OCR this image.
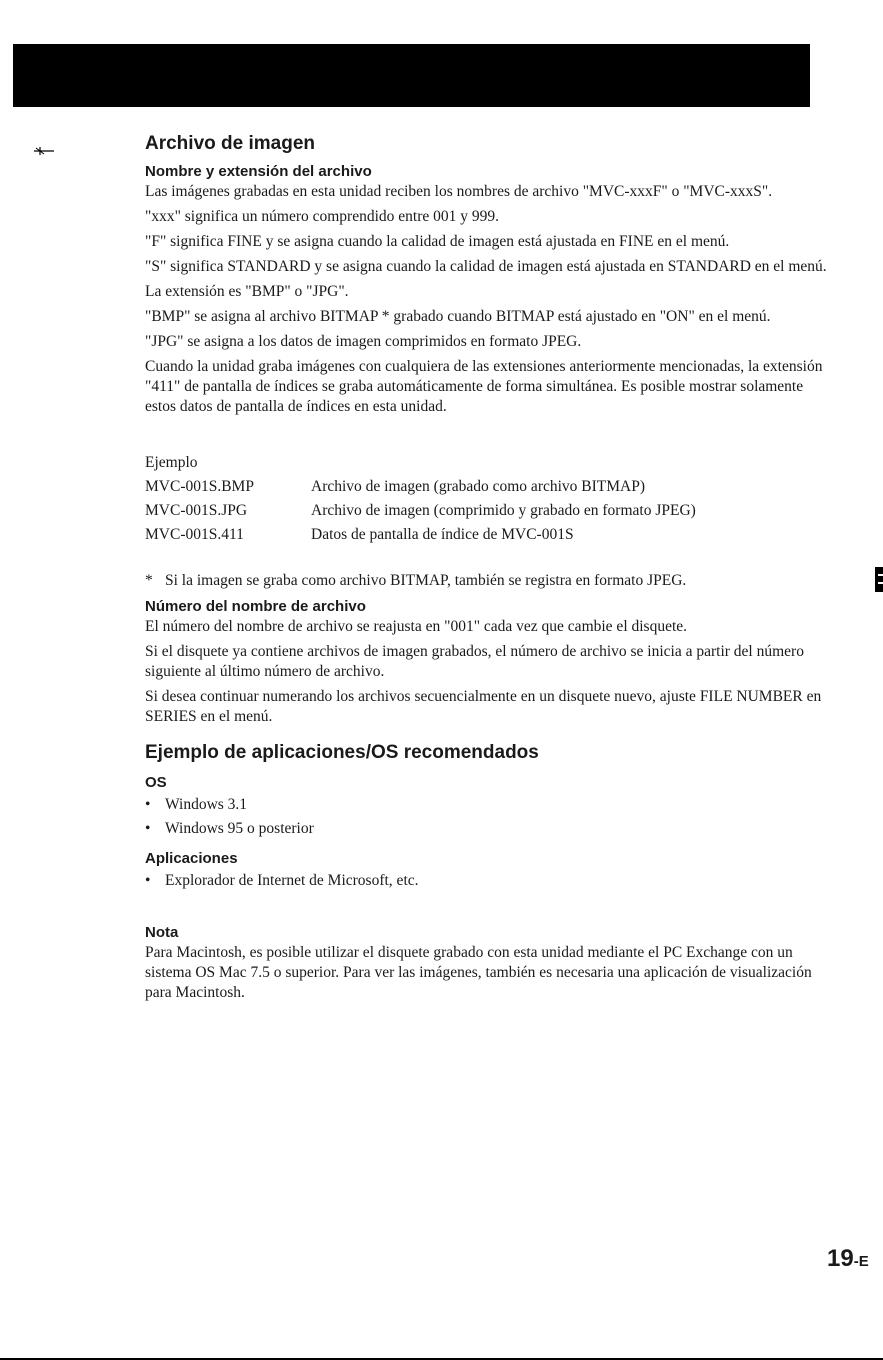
Archivo de imagen
Nombre y extensión del archivo

Las imágenes grabadas en esta unidad reciben los nombres de archivo "MVC-xxxF" o "MVC-xxxS".

"xxx" significa un número comprendido entre 001 y 999.

"F" significa FINE y se asigna cuando la calidad de imagen está ajustada en FINE en el menú.

"S" significa STANDARD y se asigna cuando la calidad de imagen está ajustada en STANDARD en el menú.

La extensión es "BMP" o "JPG".

"BMP" se asigna al archivo BITMAP * grabado cuando BITMAP está ajustado en "ON" en el menú.

"JPG" se asigna a los datos de imagen comprimidos en formato JPEG.

Cuando la unidad graba imágenes con cualquiera de las extensiones anteriormente mencionadas, la extensión "411" de pantalla de índices se graba automáticamente de forma simultánea. Es posible mostrar solamente estos datos de pantalla de índices en esta unidad.

Ejemplo
MVC-001S.BMP	Archivo de imagen (grabado como archivo BITMAP)
MVC-001S.JPG	Archivo de imagen (comprimido y grabado en formato JPEG)
MVC-001S.411	Datos de pantalla de índice de MVC-001S
* Si la imagen se graba como archivo BITMAP, también se registra en formato JPEG.
Número del nombre de archivo

El número del nombre de archivo se reajusta en "001" cada vez que cambie el disquete.

Si el disquete ya contiene archivos de imagen grabados, el número de archivo se inicia a partir del número siguiente al último número de archivo.

Si desea continuar numerando los archivos secuencialmente en un disquete nuevo, ajuste FILE NUMBER en SERIES en el menú.

Ejemplo de aplicaciones/OS recomendados
OS
• Windows 3.1
• Windows 95 o posterior
Aplicaciones
• Explorador de Internet de Microsoft, etc.
Nota

Para Macintosh, es posible utilizar el disquete grabado con esta unidad mediante el PC Exchange con un sistema OS Mac 7.5 o superior. Para ver las imágenes, también es necesaria una aplicación de visualización para Macintosh.

19-E
